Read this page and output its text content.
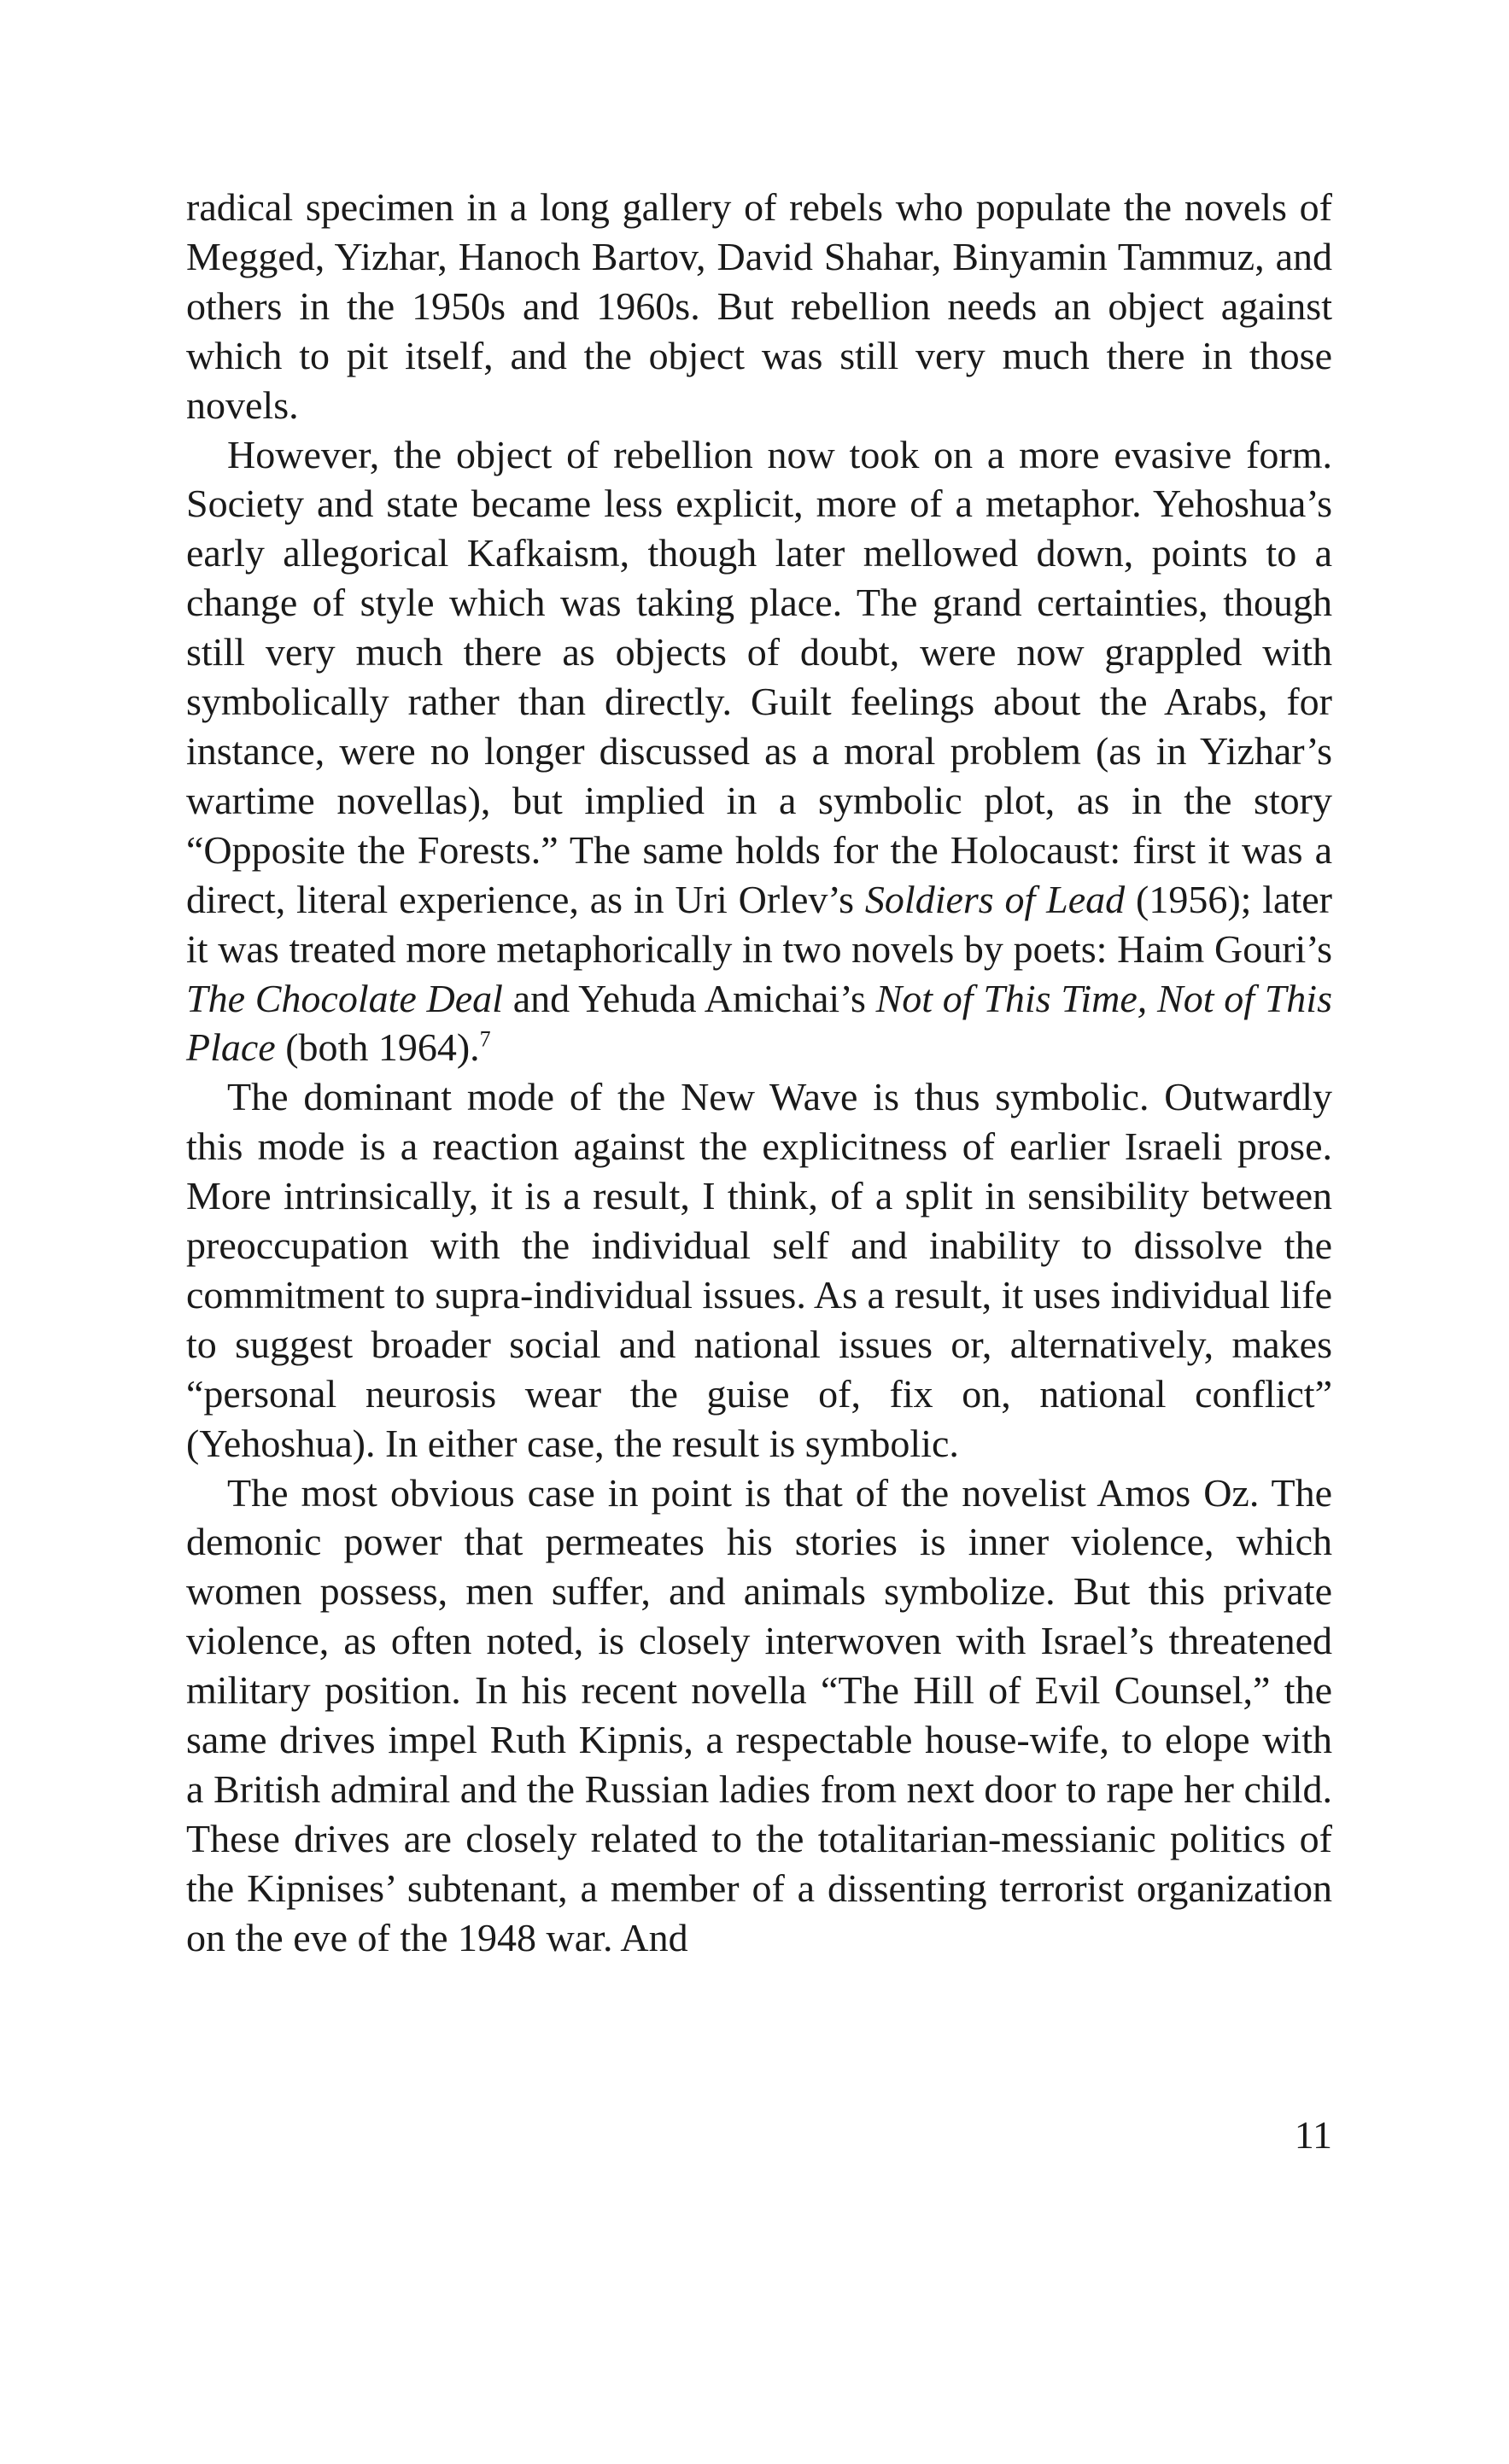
radical specimen in a long gallery of rebels who populate the novels of Megged, Yizhar, Hanoch Bartov, David Shahar, Binyamin Tammuz, and others in the 1950s and 1960s. But rebellion needs an object against which to pit itself, and the object was still very much there in those novels.

However, the object of rebellion now took on a more evasive form. Society and state became less explicit, more of a metaphor. Yehoshua’s early allegorical Kafkaism, though later mellowed down, points to a change of style which was taking place. The grand certainties, though still very much there as objects of doubt, were now grappled with symbolically rather than directly. Guilt feelings about the Arabs, for instance, were no longer discussed as a moral problem (as in Yizhar’s wartime novellas), but implied in a symbolic plot, as in the story “Opposite the Forests.” The same holds for the Holocaust: first it was a direct, literal experience, as in Uri Orlev’s Soldiers of Lead (1956); later it was treated more metaphorically in two novels by poets: Haim Gouri’s The Chocolate Deal and Yehuda Amichai’s Not of This Time, Not of This Place (both 1964).$^7$

The dominant mode of the New Wave is thus symbolic. Outwardly this mode is a reaction against the explicitness of earlier Israeli prose. More intrinsically, it is a result, I think, of a split in sensibility between preoccupation with the individual self and inability to dissolve the commitment to supra-individual issues. As a result, it uses individual life to suggest broader social and national issues or, alternatively, makes “personal neurosis wear the guise of, fix on, national conflict” (Yehoshua). In either case, the result is symbolic.

The most obvious case in point is that of the novelist Amos Oz. The demonic power that permeates his stories is inner violence, which women possess, men suffer, and animals symbolize. But this private violence, as often noted, is closely interwoven with Israel’s threatened military position. In his recent novella “The Hill of Evil Counsel,” the same drives impel Ruth Kipnis, a respectable house-wife, to elope with a British admiral and the Russian ladies from next door to rape her child. These drives are closely related to the totalitarian-messianic politics of the Kipnises’ subtenant, a member of a dissenting terrorist organization on the eve of the 1948 war. And

11
